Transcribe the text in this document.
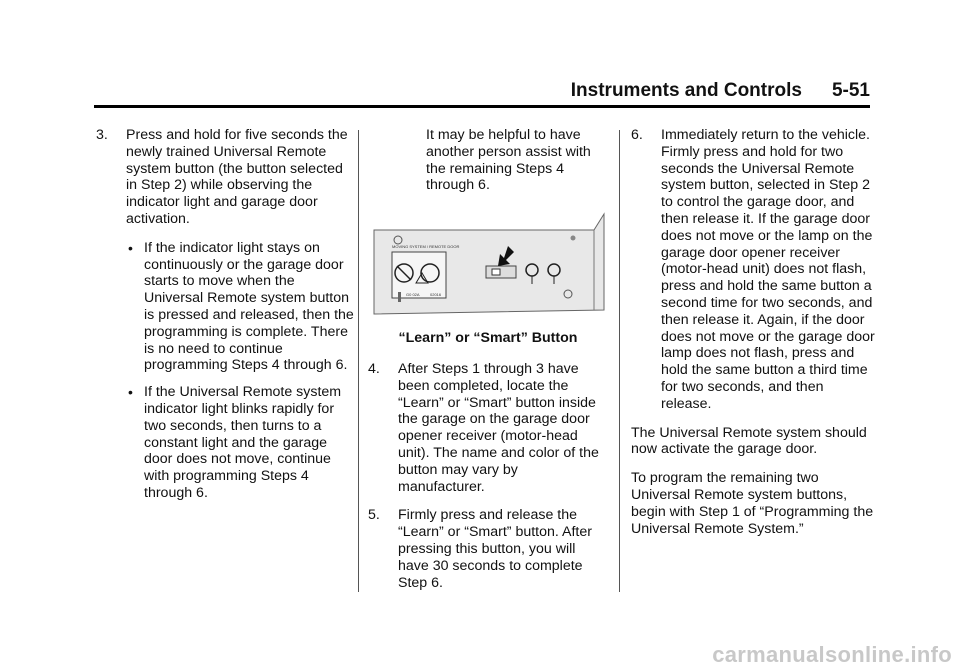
Instruments and Controls 5-51
3. Press and hold for five seconds the newly trained Universal Remote system button (the button selected in Step 2) while observing the indicator light and garage door activation.
• If the indicator light stays on continuously or the garage door starts to move when the Universal Remote system button is pressed and released, then the programming is complete. There is no need to continue programming Steps 4 through 6.
• If the Universal Remote system indicator light blinks rapidly for two seconds, then turns to a constant light and the garage door does not move, continue with programming Steps 4 through 6.
It may be helpful to have another person assist with the remaining Steps 4 through 6.
MOVING SYSTEM / REMOTE DOOR
G0 02A	02016
“Learn” or “Smart” Button
4. After Steps 1 through 3 have been completed, locate the “Learn” or “Smart” button inside the garage on the garage door opener receiver (motor-head unit). The name and color of the button may vary by manufacturer.
5. Firmly press and release the “Learn” or “Smart” button. After pressing this button, you will have 30 seconds to complete Step 6.
6. Immediately return to the vehicle. Firmly press and hold for two seconds the Universal Remote system button, selected in Step 2 to control the garage door, and then release it. If the garage door does not move or the lamp on the garage door opener receiver (motor-head unit) does not flash, press and hold the same button a second time for two seconds, and then release it. Again, if the door does not move or the garage door lamp does not flash, press and hold the same button a third time for two seconds, and then release.
The Universal Remote system should now activate the garage door.
To program the remaining two Universal Remote system buttons, begin with Step 1 of “Programming the Universal Remote System.”
carmanualsonline.info
